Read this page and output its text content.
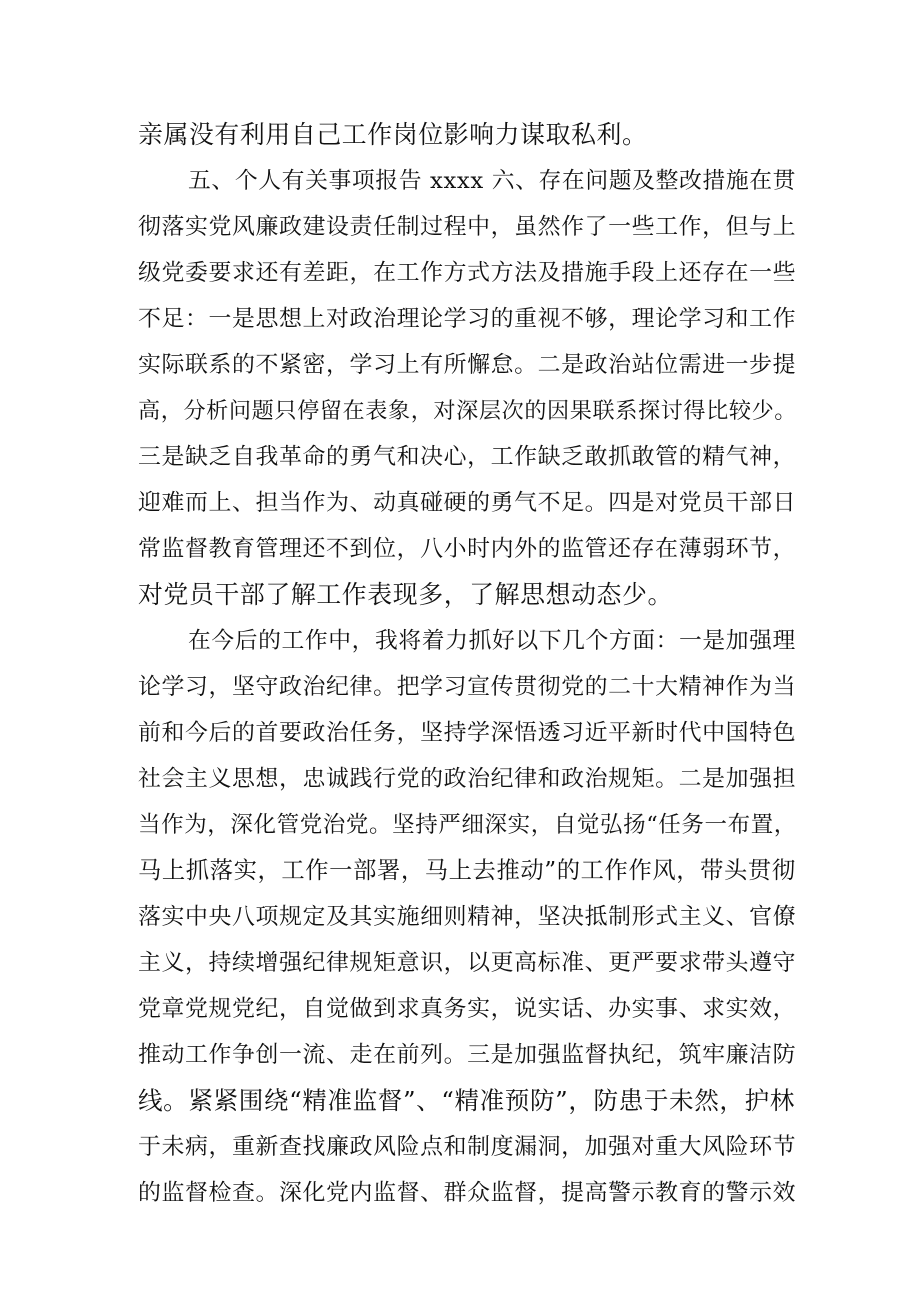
亲属没有利用自己工作岗位影响力谋取私利。
五、个人有关事项报告 xxxx 六、存在问题及整改措施在贯
彻落实党风廉政建设责任制过程中，虽然作了一些工作，但与上
级党委要求还有差距，在工作方式方法及措施手段上还存在一些
不足：一是思想上对政治理论学习的重视不够，理论学习和工作
实际联系的不紧密，学习上有所懈怠。二是政治站位需进一步提
高，分析问题只停留在表象，对深层次的因果联系探讨得比较少。
三是缺乏自我革命的勇气和决心，工作缺乏敢抓敢管的精气神，
迎难而上、担当作为、动真碰硬的勇气不足。四是对党员干部日
常监督教育管理还不到位，八小时内外的监管还存在薄弱环节，
对党员干部了解工作表现多，了解思想动态少。
在今后的工作中，我将着力抓好以下几个方面：一是加强理
论学习，坚守政治纪律。把学习宣传贯彻党的二十大精神作为当
前和今后的首要政治任务，坚持学深悟透习近平新时代中国特色
社会主义思想，忠诚践行党的政治纪律和政治规矩。二是加强担
当作为，深化管党治党。坚持严细深实，自觉弘扬“任务一布置，
马上抓落实，工作一部署，马上去推动”的工作作风，带头贯彻
落实中央八项规定及其实施细则精神，坚决抵制形式主义、官僚
主义，持续增强纪律规矩意识，以更高标准、更严要求带头遵守
党章党规党纪，自觉做到求真务实，说实话、办实事、求实效，
推动工作争创一流、走在前列。三是加强监督执纪，筑牢廉洁防
线。紧紧围绕“精准监督”、“精准预防”，防患于未然，护林
于未病，重新查找廉政风险点和制度漏洞，加强对重大风险环节
的监督检查。深化党内监督、群众监督，提高警示教育的警示效
